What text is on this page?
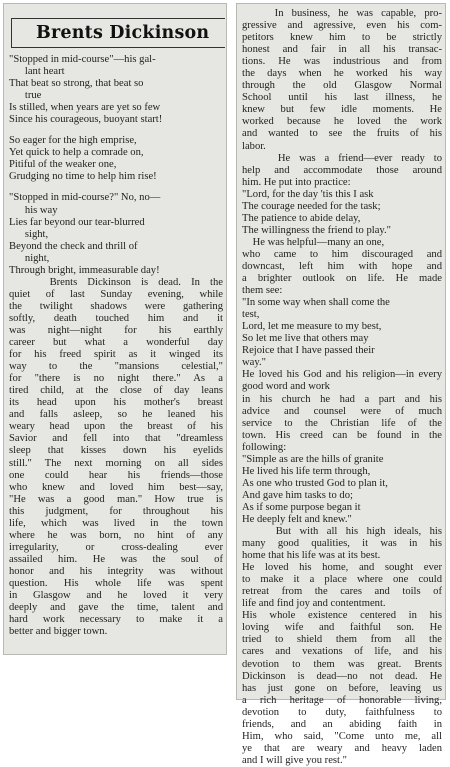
Brents Dickinson
"Stopped in mid-course"—his gal-
lant heart
That beat so strong, that beat so
true
Is stilled, when years are yet so few
Since his courageous, buoyant start!
So eager for the high emprise,
Yet quick to help a comrade on,
Pitiful of the weaker one,
Grudging no time to help him rise!
"Stopped in mid-course?" No, no—
his way
Lies far beyond our tear-blurred
sight,
Beyond the check and thrill of
night,
Through bright, immeasurable day!
Brents Dickinson is dead. In the
quiet of last Sunday evening, while
the twilight shadows were gathering
softly, death touched him and it
was night—night for his earthly
career but what a wonderful day
for his freed spirit as it winged its
way to the "mansions celestial,"
for "there is no night there." As a
tired child, at the close of day leans
its head upon his mother's breast
and falls asleep, so he leaned his
weary head upon the breast of his
Savior and fell into that "dreamless
sleep that kisses down his eyelids
still." The next morning on all sides
one could hear his friends—those
who knew and loved him best—say,
"He was a good man." How true is
this judgment, for throughout his
life, which was lived in the town
where he was born, no hint of any
irregularity, or cross-dealing ever
assailed him. He was the soul of
honor and his integrity was without
question. His whole life was spent
in Glasgow and he loved it very
deeply and gave the time, talent and
hard work necessary to make it a
better and bigger town.
In business, he was capable, pro-
gressive and agressive, even his com-
petitors knew him to be strictly
honest and fair in all his transac-
tions. He was industrious and from
the days when he worked his way
through the old Glasgow Normal
School until his last illness, he
knew but few idle moments. He
worked because he loved the work
and wanted to see the fruits of his
labor.
He was a friend—ever ready to
help and accommodate those around
him. He put into practice:
"Lord, for the day 'tis this I ask
The courage needed for the task;
The patience to abide delay,
The willingness the friend to play."
He was helpful—many an one,
who came to him discouraged and
downcast, left him with hope and
a brighter outlook on life. He made
them see:
"In some way when shall come the
test,
Lord, let me measure to my best,
So let me live that others may
Rejoice that I have passed their
way."
He loved his God and his religion—in every good word and work
in his church he had a part and his
advice and counsel were of much
service to the Christian life of the
town. His creed can be found in the
following:
"Simple as are the hills of granite
He lived his life term through,
As one who trusted God to plan it,
And gave him tasks to do;
As if some purpose began it
He deeply felt and knew."
But with all his high ideals, his
many good qualities, it was in his
home that his life was at its best.
He loved his home, and sought ever
to make it a place where one could
retreat from the cares and toils of
life and find joy and contentment.
His whole existence centered in his
loving wife and faithful son. He
tried to shield them from all the
cares and vexations of life, and his
devotion to them was great. Brents
Dickinson is dead—no not dead. He
has just gone on before, leaving us
a rich heritage of honorable living,
devotion to duty, faithfulness to
friends, and an abiding faith in
Him, who said, "Come unto me, all
ye that are weary and heavy laden
and I will give you rest."
